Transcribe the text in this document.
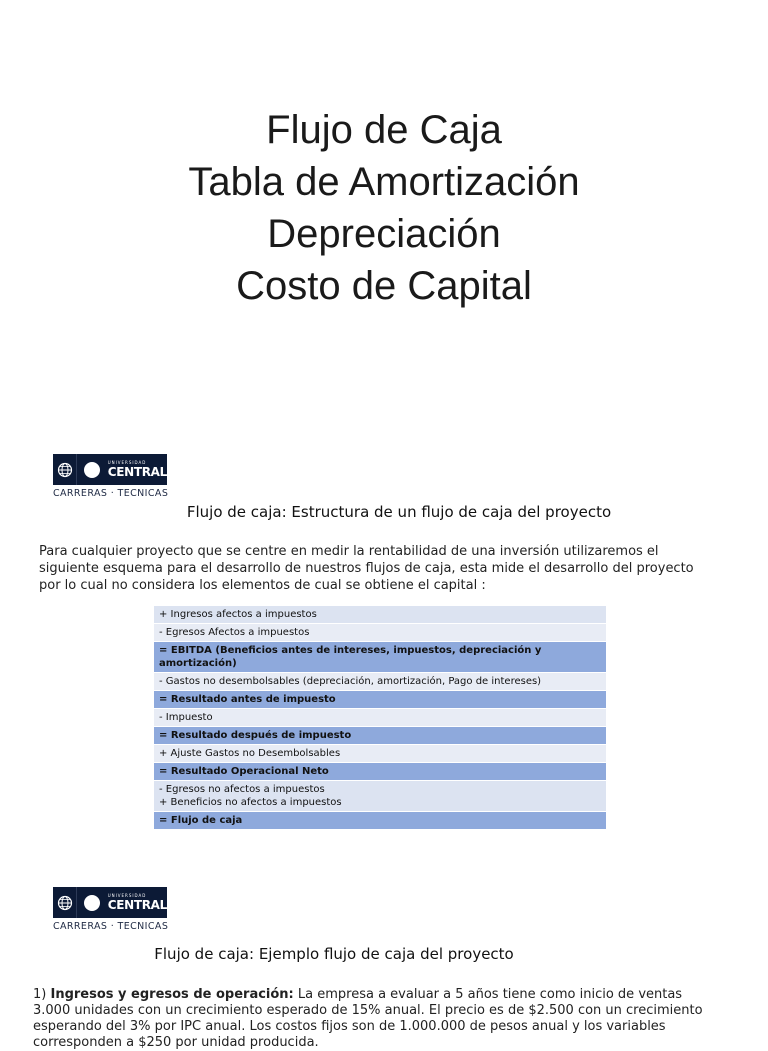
Flujo de Caja
Tabla de Amortización
Depreciación
Costo de Capital
UNIVERSIDAD
CENTRAL
CARRERAS · TECNICAS
Flujo de caja: Estructura de un flujo de caja del proyecto
Para cualquier proyecto que se centre en medir la rentabilidad de una inversión utilizaremos el siguiente esquema para el desarrollo de nuestros flujos de caja, esta mide el desarrollo del proyecto por lo cual no considera los elementos de cual se obtiene el capital :
+ Ingresos afectos a impuestos
- Egresos Afectos a impuestos
= EBITDA (Beneficios antes de intereses, impuestos, depreciación y amortización)
- Gastos no desembolsables (depreciación, amortización, Pago de intereses)
= Resultado antes de impuesto
- Impuesto
= Resultado después de impuesto
+ Ajuste Gastos no Desembolsables
= Resultado Operacional Neto
- Egresos no afectos a impuestos
+ Beneficios no afectos a impuestos
= Flujo de caja
UNIVERSIDAD
CENTRAL
CARRERAS · TECNICAS
Flujo de caja: Ejemplo flujo de caja del proyecto
1) Ingresos y egresos de operación: La empresa a evaluar a 5 años tiene como inicio de ventas 3.000 unidades con un crecimiento esperado de 15% anual. El precio es de $2.500 con un crecimiento esperando del 3% por IPC anual. Los costos fijos son de 1.000.000 de pesos anual y los variables corresponden a $250 por unidad producida.
